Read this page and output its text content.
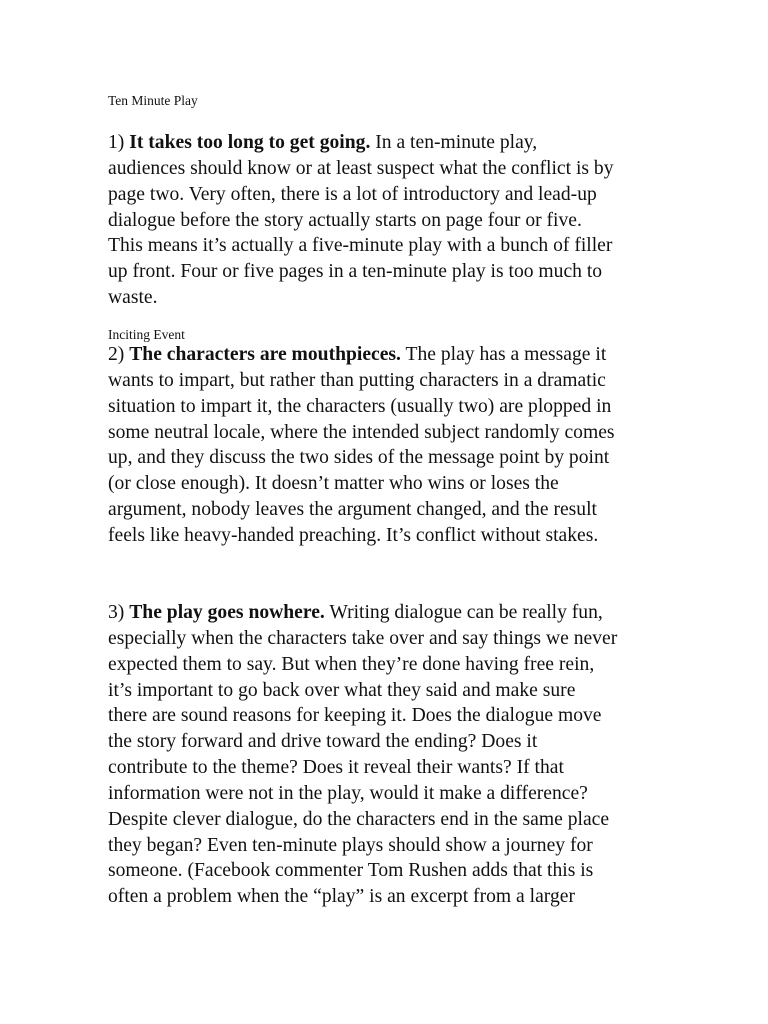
Ten Minute Play
1) It takes too long to get going. In a ten-minute play,
audiences should know or at least suspect what the conflict is by
page two. Very often, there is a lot of introductory and lead-up
dialogue before the story actually starts on page four or five.
This means it’s actually a five-minute play with a bunch of filler
up front. Four or five pages in a ten-minute play is too much to
waste.
Inciting Event
2) The characters are mouthpieces. The play has a message it
wants to impart, but rather than putting characters in a dramatic
situation to impart it, the characters (usually two) are plopped in
some neutral locale, where the intended subject randomly comes
up, and they discuss the two sides of the message point by point
(or close enough). It doesn’t matter who wins or loses the
argument, nobody leaves the argument changed, and the result
feels like heavy-handed preaching. It’s conflict without stakes.
3) The play goes nowhere. Writing dialogue can be really fun,
especially when the characters take over and say things we never
expected them to say. But when they’re done having free rein,
it’s important to go back over what they said and make sure
there are sound reasons for keeping it. Does the dialogue move
the story forward and drive toward the ending? Does it
contribute to the theme? Does it reveal their wants? If that
information were not in the play, would it make a difference?
Despite clever dialogue, do the characters end in the same place
they began? Even ten-minute plays should show a journey for
someone. (Facebook commenter Tom Rushen adds that this is
often a problem when the “play” is an excerpt from a larger
